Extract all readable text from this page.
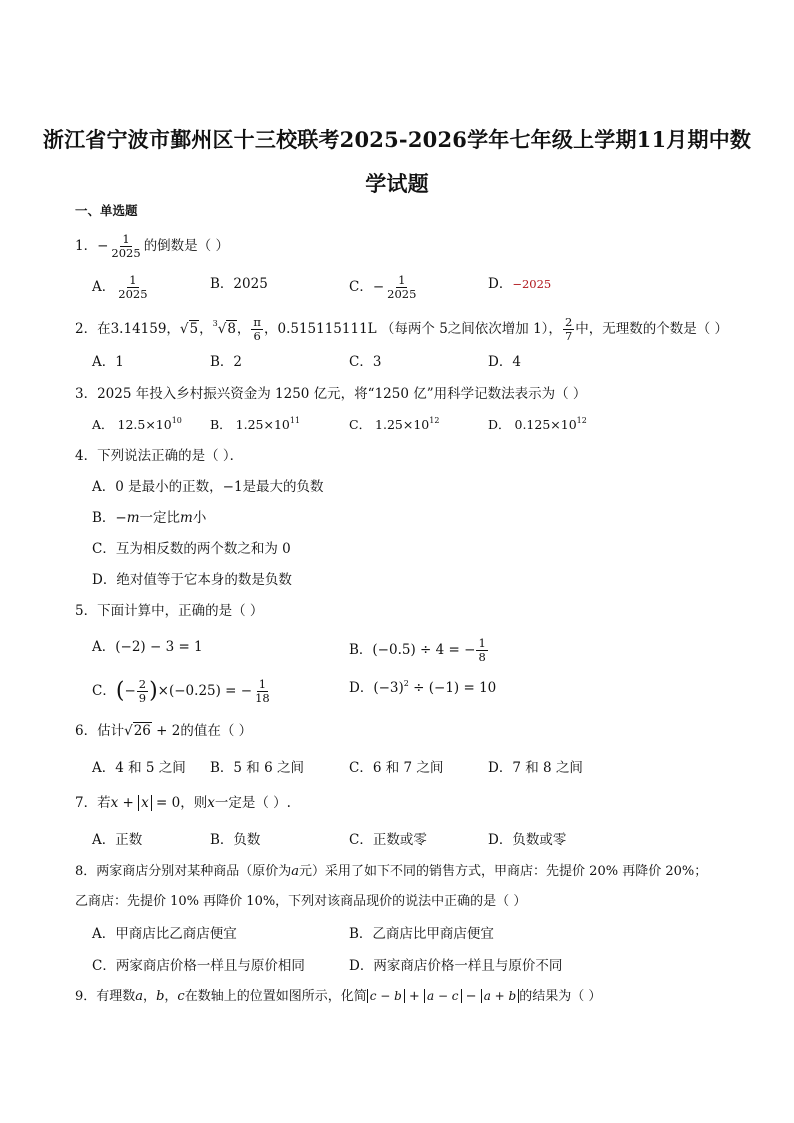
浙江省宁波市鄞州区十三校联考2025-2026学年七年级上学期11月期中数
学试题
一、单选题
1．− $\frac{1}{2025}$ 的倒数是（ ）
A． $\frac{1}{2025}$	B．2025	C．− $\frac{1}{2025}$	D．−2025
2．在3.14159，√5，$^3$√8， $\frac{\pi}{6}$ ，0.515115111L （每两个 5之间依次增加 1）， $\frac{2}{7}$ 中，无理数的个数是（ ）
A．1	B．2	C．3	D．4
3．2025 年投入乡村振兴资金为 1250 亿元，将“1250 亿”用科学记数法表示为（ ）
A． $12.5\times 10^{10}$ B． $1.25\times 10^{11}$	C． $1.25\times 10^{12}$	D． $0.125\times 10^{12}$
4．下列说法正确的是（ ）．
A．0 是最小的正数，−1是最大的负数
B．−m一定比m小
C．互为相反数的两个数之和为 0
D．绝对值等于它本身的数是负数
5．下面计算中，正确的是（ ）
A．(−2) − 3 = 1	B．(−0.5) ÷ 4 = − $\frac{1}{8}$
C．(− $\frac{2}{9} )\times(-0.25)$ = − $\frac{1}{18}$	D．$(-3)^2 \div (-1) = 10$
6．估计√26 + 2的值在（ ）
A．4 和 5 之间 B．5 和 6 之间	C．6 和 7 之间	D．7 和 8 之间
7．若x + x = 0，则x一定是（ ）.
A．正数	B．负数	C．正数或零	D．负数或零
8．两家商店分别对某种商品（原价为a元）采用了如下不同的销售方式，甲商店：先提价 20% 再降价 20%；
乙商店：先提价 10% 再降价 10%，下列对该商品现价的说法中正确的是（ ）
A．甲商店比乙商店便宜	B．乙商店比甲商店便宜
C．两家商店价格一样且与原价相同	D．两家商店价格一样且与原价不同
9．有理数a，b，c在数轴上的位置如图所示，化简 c − b + a − c − a + b 的结果为（ ）
